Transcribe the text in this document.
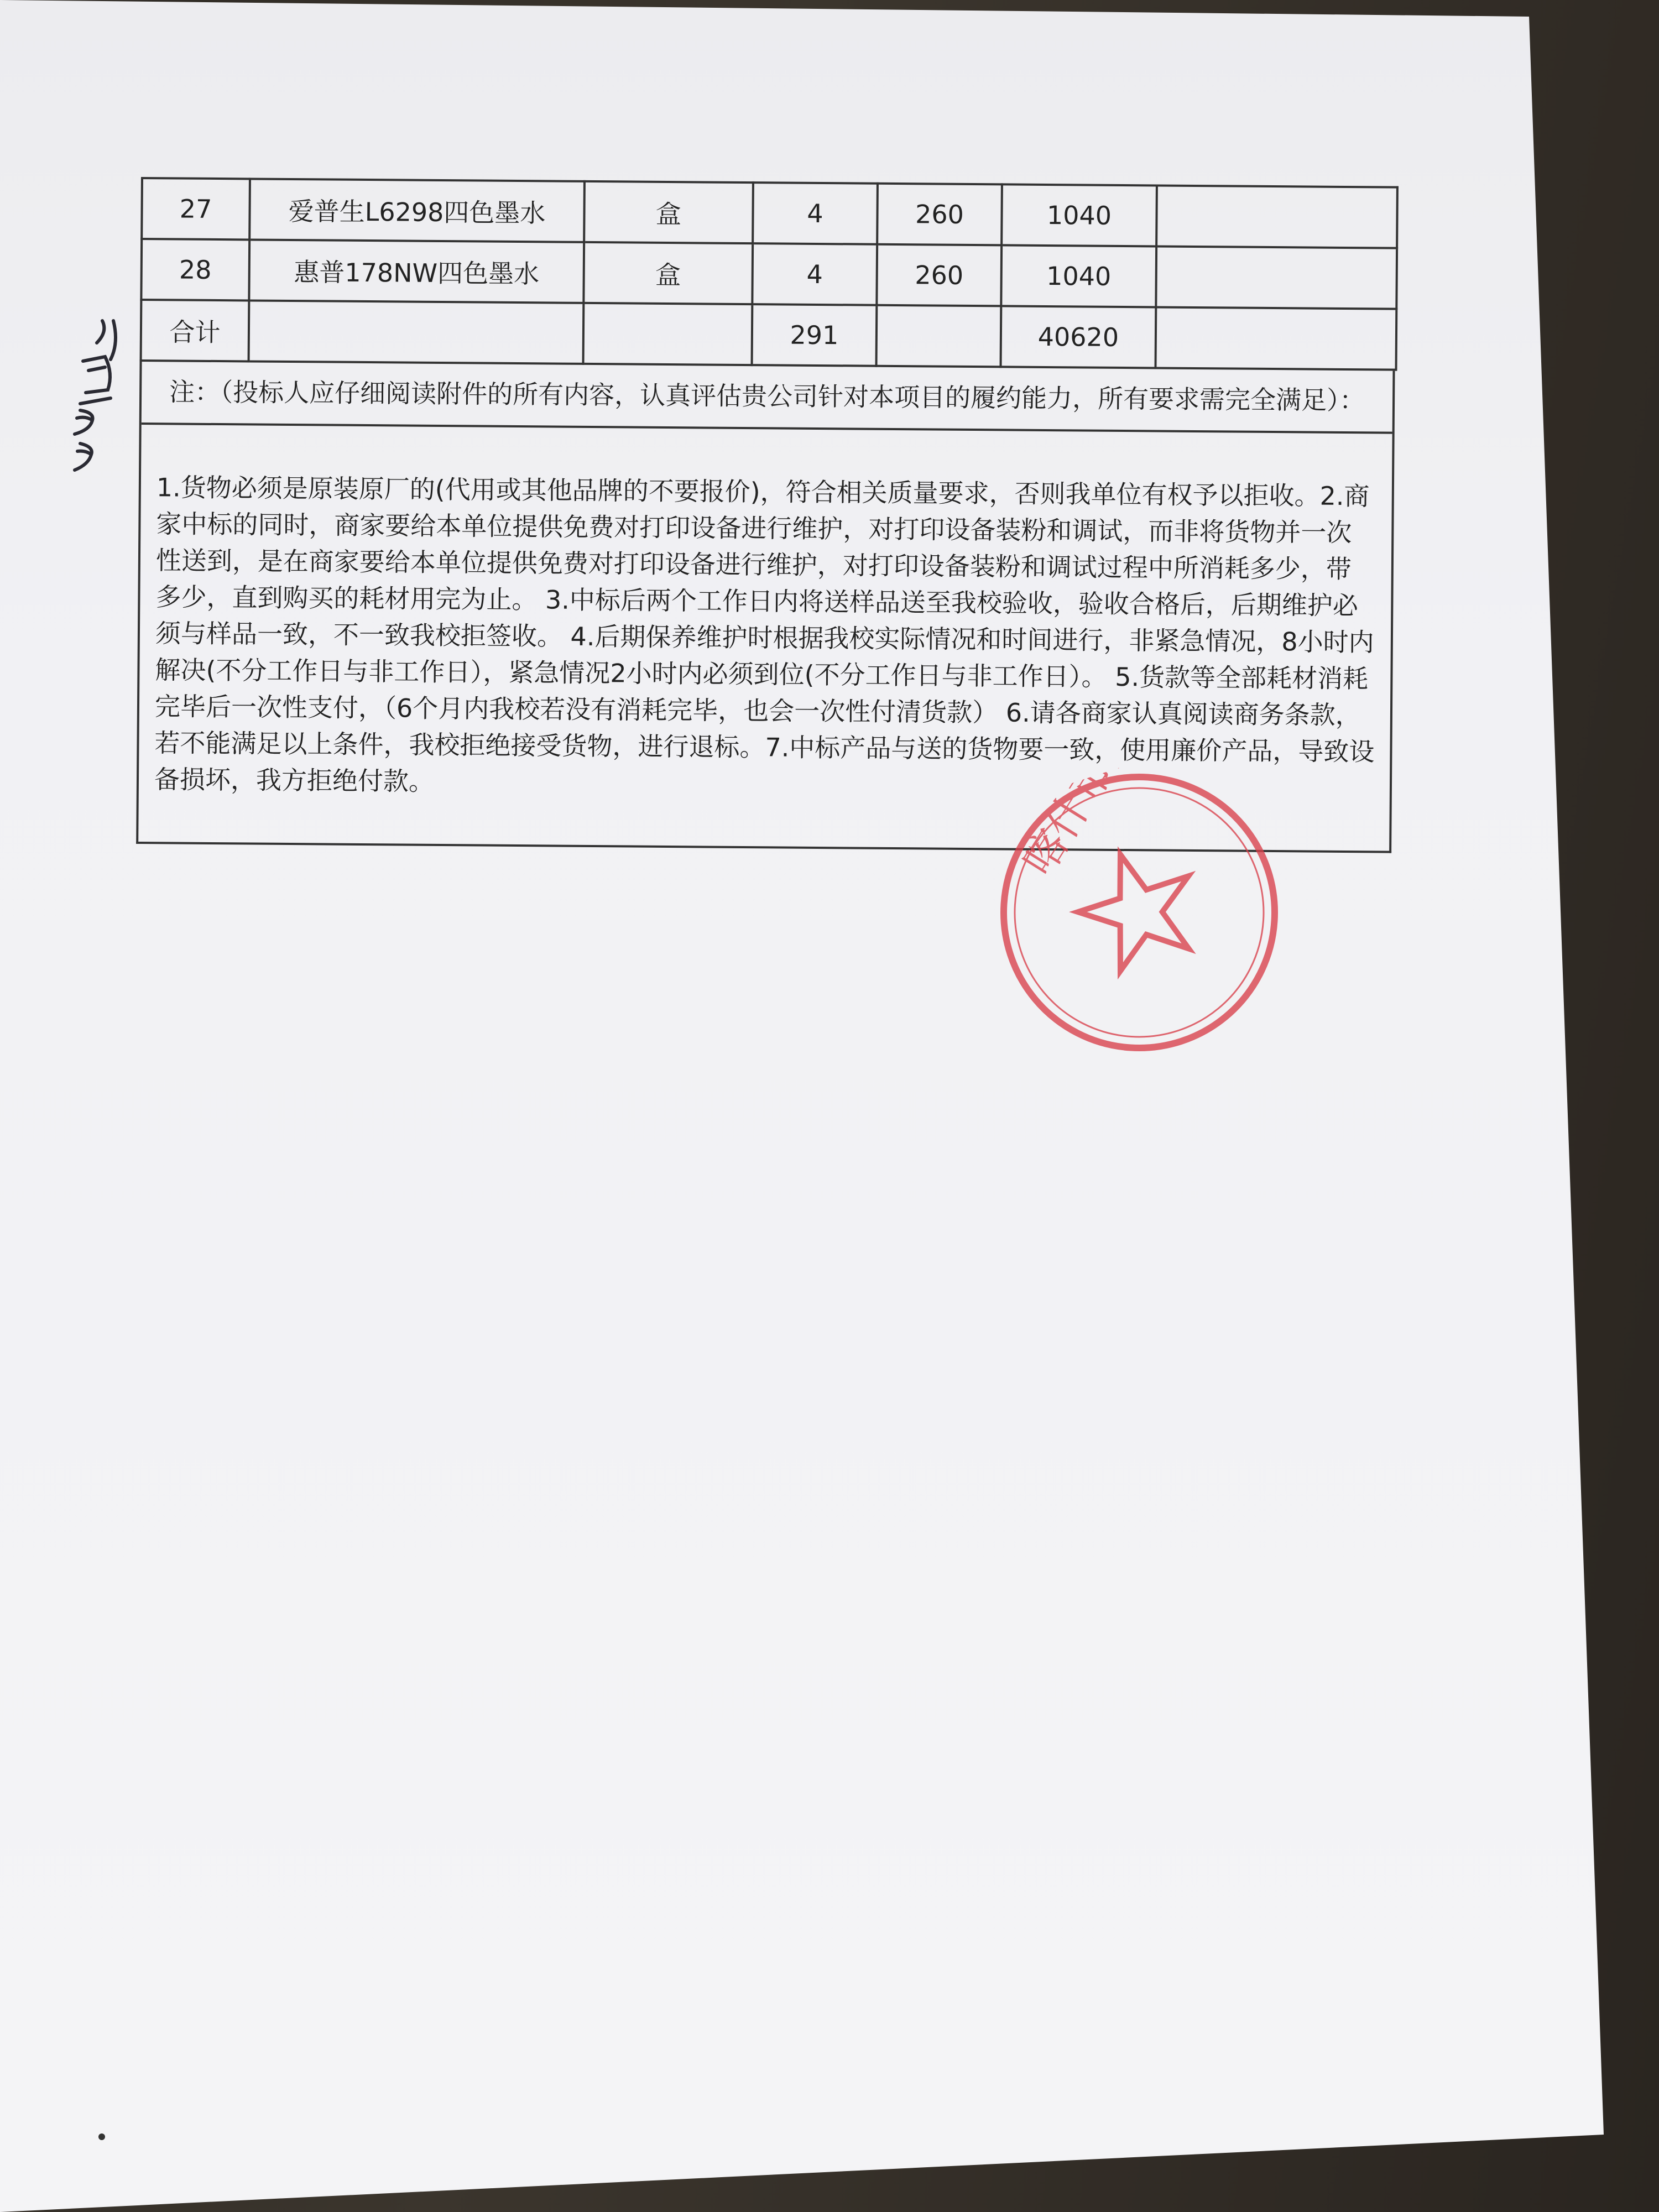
27	爱普生L6298四色墨水	盒	4	260	1040	
28	惠普178NW四色墨水	盒	4	260	1040	
合计			291		40620	
注：（投标人应仔细阅读附件的所有内容，认真评估贵公司针对本项目的履约能力，所有要求需完全满足）：

1.货物必须是原装原厂的(代用或其他品牌的不要报价)，符合相关质量要求，否则我单位有权予以拒收。2.商家中标的同时，商家要给本单位提供免费对打印设备进行维护，对打印设备装粉和调试，而非将货物并一次性送到，是在商家要给本单位提供免费对打印设备进行维护，对打印设备装粉和调试过程中所消耗多少，带多少，直到购买的耗材用完为止。 3.中标后两个工作日内将送样品送至我校验收，验收合格后，后期维护必须与样品一致，不一致我校拒签收。 4.后期保养维护时根据我校实际情况和时间进行，非紧急情况，8小时内解决(不分工作日与非工作日），紧急情况2小时内必须到位(不分工作日与非工作日）。 5.货款等全部耗材消耗完毕后一次性支付，（6个月内我校若没有消耗完毕，也会一次性付清货款） 6.请各商家认真阅读商务条款，若不能满足以上条件，我校拒绝接受货物，进行退标。7.中标产品与送的货物要一致，使用廉价产品，导致设备损坏，我方拒绝付款。	喀什市第十
